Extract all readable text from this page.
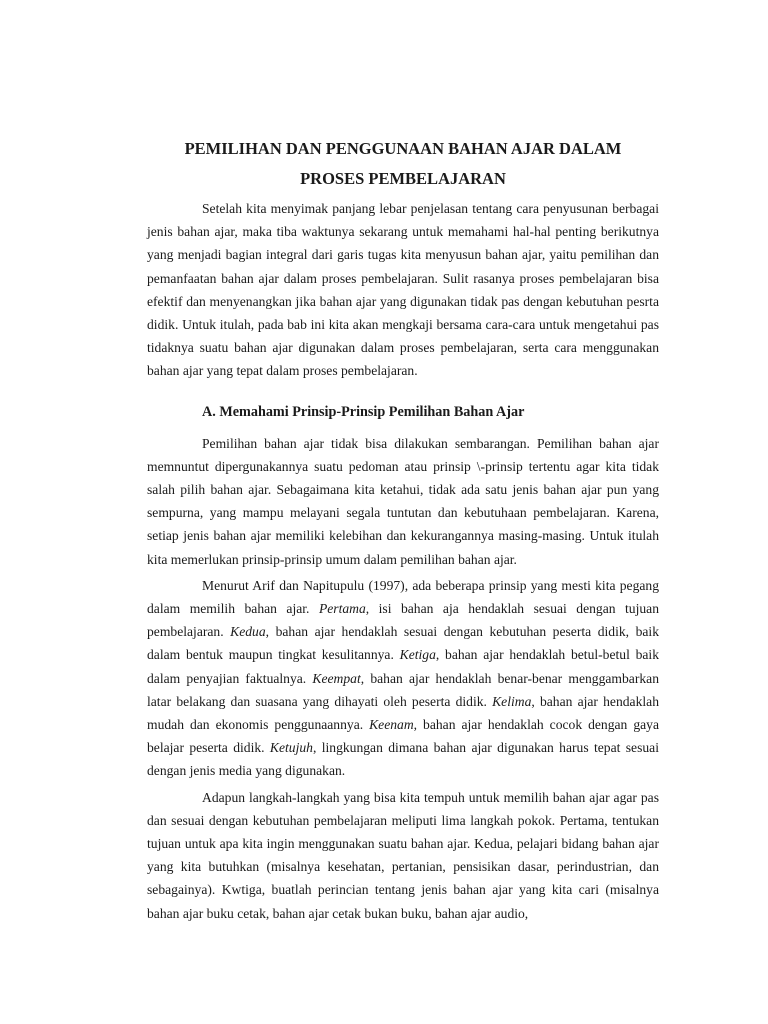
PEMILIHAN DAN PENGGUNAAN BAHAN AJAR DALAM
PROSES PEMBELAJARAN

Setelah kita menyimak panjang lebar penjelasan tentang cara penyusunan berbagai jenis bahan ajar, maka tiba waktunya sekarang untuk memahami hal-hal penting berikutnya yang menjadi bagian integral dari garis tugas kita menyusun bahan ajar, yaitu pemilihan dan pemanfaatan bahan ajar dalam proses pembelajaran. Sulit rasanya proses pembelajaran bisa efektif dan menyenangkan jika bahan ajar yang digunakan tidak pas dengan kebutuhan pesrta didik. Untuk itulah, pada bab ini kita akan mengkaji bersama cara-cara untuk mengetahui pas tidaknya suatu bahan ajar digunakan dalam proses pembelajaran, serta cara menggunakan bahan ajar yang tepat dalam proses pembelajaran.

A. Memahami Prinsip-Prinsip Pemilihan Bahan Ajar

Pemilihan bahan ajar tidak bisa dilakukan sembarangan. Pemilihan bahan ajar memnuntut dipergunakannya suatu pedoman atau prinsip \-prinsip tertentu agar kita tidak salah pilih bahan ajar. Sebagaimana kita ketahui, tidak ada satu jenis bahan ajar pun yang sempurna, yang mampu melayani segala tuntutan dan kebutuhaan pembelajaran. Karena, setiap jenis bahan ajar memiliki kelebihan dan kekurangannya masing-masing. Untuk itulah kita memerlukan prinsip-prinsip umum dalam pemilihan bahan ajar.

Menurut Arif dan Napitupulu (1997), ada beberapa prinsip yang mesti kita pegang dalam memilih bahan ajar. Pertama, isi bahan aja hendaklah sesuai dengan tujuan pembelajaran. Kedua, bahan ajar hendaklah sesuai dengan kebutuhan peserta didik, baik dalam bentuk maupun tingkat kesulitannya. Ketiga, bahan ajar hendaklah betul-betul baik dalam penyajian faktualnya. Keempat, bahan ajar hendaklah benar-benar menggambarkan latar belakang dan suasana yang dihayati oleh peserta didik. Kelima, bahan ajar hendaklah mudah dan ekonomis penggunaannya. Keenam, bahan ajar hendaklah cocok dengan gaya belajar peserta didik. Ketujuh, lingkungan dimana bahan ajar digunakan harus tepat sesuai dengan jenis media yang digunakan.

Adapun langkah-langkah yang bisa kita tempuh untuk memilih bahan ajar agar pas dan sesuai dengan kebutuhan pembelajaran meliputi lima langkah pokok. Pertama, tentukan tujuan untuk apa kita ingin menggunakan suatu bahan ajar. Kedua, pelajari bidang bahan ajar yang kita butuhkan (misalnya kesehatan, pertanian, pensisikan dasar, perindustrian, dan sebagainya). Kwtiga, buatlah perincian tentang jenis bahan ajar yang kita cari (misalnya bahan ajar buku cetak, bahan ajar cetak bukan buku, bahan ajar audio,
